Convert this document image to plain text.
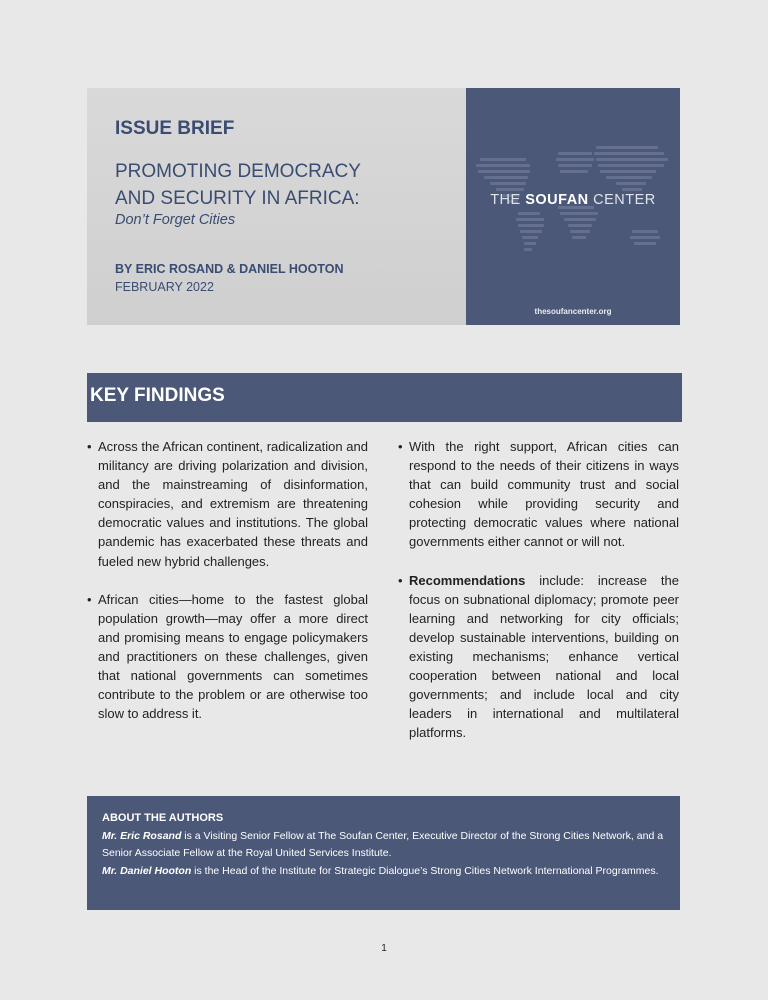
ISSUE BRIEF
PROMOTING DEMOCRACY
AND SECURITY IN AFRICA:
Don’t Forget Cities
BY ERIC ROSAND & DANIEL HOOTON
FEBRUARY 2022
THE SOUFAN CENTER
thesoufancenter.org
KEY FINDINGS

• Across the African continent, radicalization and militancy are driving polarization and division, and the mainstreaming of disinformation, conspiracies, and extremism are threatening democratic values and institutions. The global pandemic has exacerbated these threats and fueled new hybrid challenges.

• African cities—home to the fastest global population growth—may offer a more direct and promising means to engage policymakers and practitioners on these challenges, given that national governments can sometimes contribute to the problem or are otherwise too slow to address it.

• With the right support, African cities can respond to the needs of their citizens in ways that can build community trust and social cohesion while providing security and protecting democratic values where national governments either cannot or will not.

• Recommendations include: increase the focus on subnational diplomacy; promote peer learning and networking for city officials; develop sustainable interventions, building on existing mechanisms; enhance vertical cooperation between national and local governments; and include local and city leaders in international and multilateral platforms.

ABOUT THE AUTHORS

Mr. Eric Rosand is a Visiting Senior Fellow at The Soufan Center, Executive Director of the Strong Cities Network, and a Senior Associate Fellow at the Royal United Services Institute.

Mr. Daniel Hooton is the Head of the Institute for Strategic Dialogue’s Strong Cities Network International Programmes.

1
